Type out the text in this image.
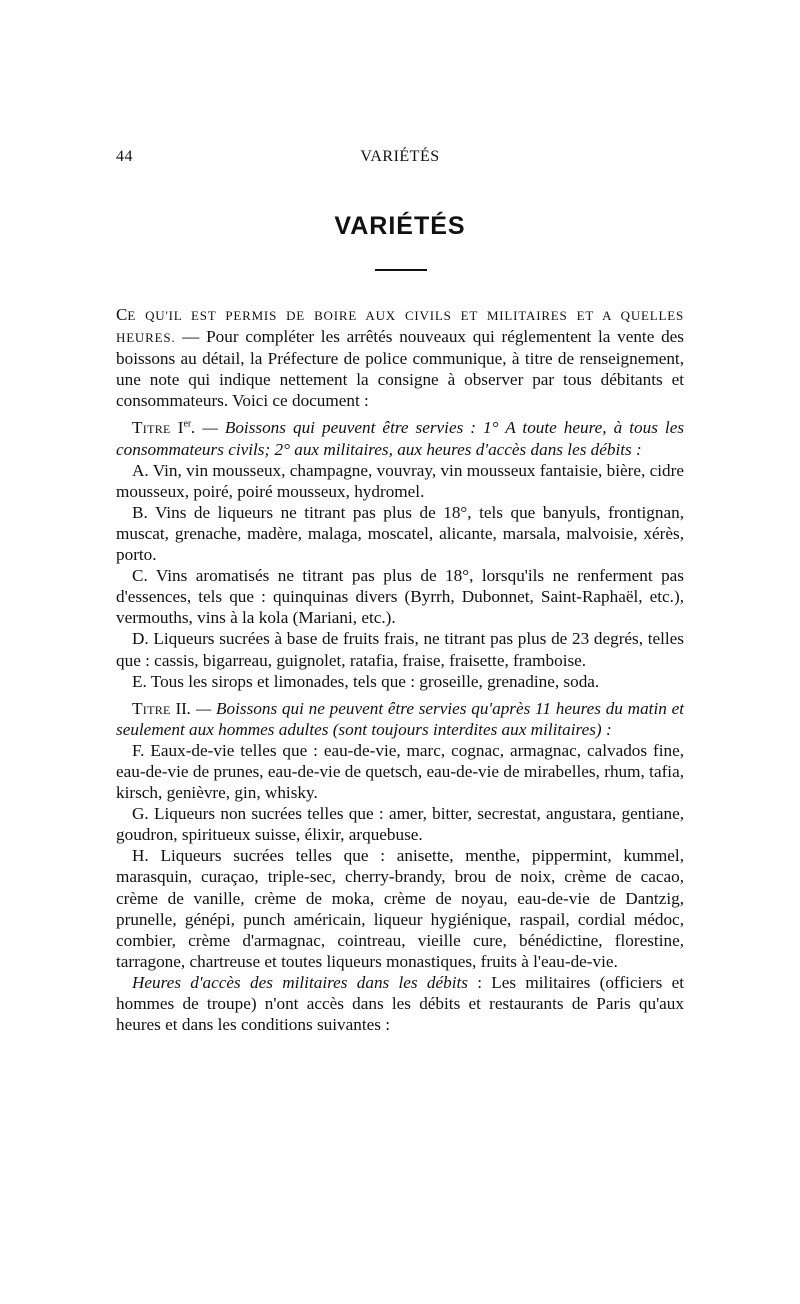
44	VARIÉTÉS
VARIÉTÉS

CE QU'IL EST PERMIS DE BOIRE AUX CIVILS ET MILITAIRES ET A QUELLES HEURES. — Pour compléter les arrêtés nouveaux qui réglementent la vente des boissons au détail, la Préfecture de police communique, à titre de renseignement, une note qui indique nettement la consigne à observer par tous débitants et consommateurs. Voici ce document :

Titre Ier. — Boissons qui peuvent être servies : 1° A toute heure, à tous les consommateurs civils; 2° aux militaires, aux heures d'accès dans les débits :

A. Vin, vin mousseux, champagne, vouvray, vin mousseux fantaisie, bière, cidre mousseux, poiré, poiré mousseux, hydromel.

B. Vins de liqueurs ne titrant pas plus de 18°, tels que banyuls, frontignan, muscat, grenache, madère, malaga, moscatel, alicante, marsala, malvoisie, xérès, porto.

C. Vins aromatisés ne titrant pas plus de 18°, lorsqu'ils ne renferment pas d'essences, tels que : quinquinas divers (Byrrh, Dubonnet, Saint-Raphaël, etc.), vermouths, vins à la kola (Mariani, etc.).

D. Liqueurs sucrées à base de fruits frais, ne titrant pas plus de 23 degrés, telles que : cassis, bigarreau, guignolet, ratafia, fraise, fraisette, framboise.

E. Tous les sirops et limonades, tels que : groseille, grenadine, soda.

Titre II. — Boissons qui ne peuvent être servies qu'après 11 heures du matin et seulement aux hommes adultes (sont toujours interdites aux militaires) :

F. Eaux-de-vie telles que : eau-de-vie, marc, cognac, armagnac, calvados fine, eau-de-vie de prunes, eau-de-vie de quetsch, eau-de-vie de mirabelles, rhum, tafia, kirsch, genièvre, gin, whisky.

G. Liqueurs non sucrées telles que : amer, bitter, secrestat, angustara, gentiane, goudron, spiritueux suisse, élixir, arquebuse.

H. Liqueurs sucrées telles que : anisette, menthe, pippermint, kummel, marasquin, curaçao, triple-sec, cherry-brandy, brou de noix, crème de cacao, crème de vanille, crème de moka, crème de noyau, eau-de-vie de Dantzig, prunelle, génépi, punch américain, liqueur hygiénique, raspail, cordial médoc, combier, crème d'armagnac, cointreau, vieille cure, bénédictine, florestine, tarragone, chartreuse et toutes liqueurs monastiques, fruits à l'eau-de-vie.

Heures d'accès des militaires dans les débits : Les militaires (officiers et hommes de troupe) n'ont accès dans les débits et restaurants de Paris qu'aux heures et dans les conditions suivantes :
